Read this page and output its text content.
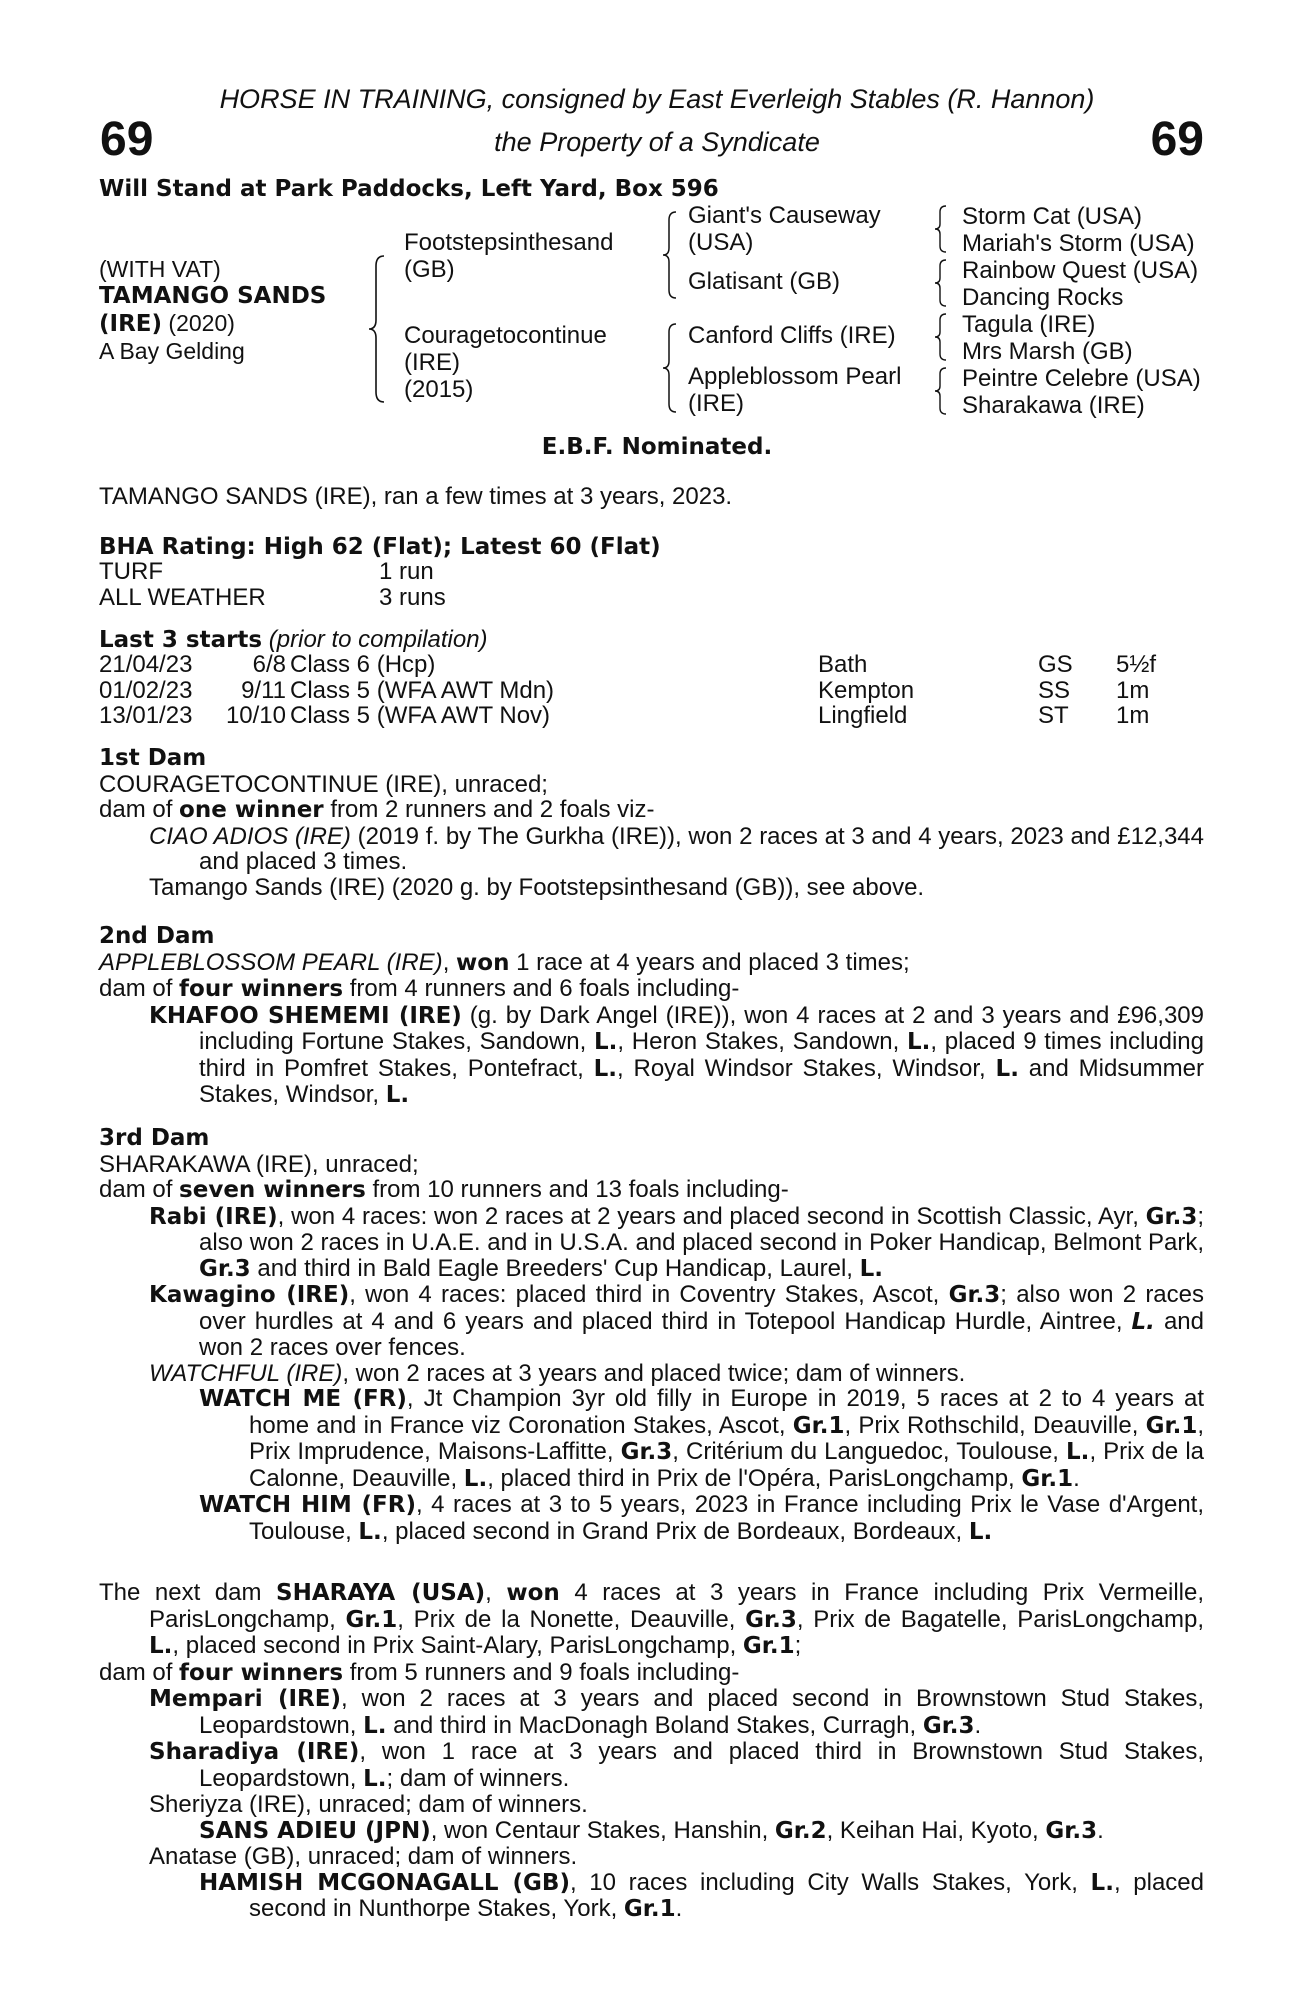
HORSE IN TRAINING, consigned by East Everleigh Stables (R. Hannon)
the Property of a Syndicate
69	69
Will Stand at Park Paddocks, Left Yard, Box 596
(WITH VAT)
TAMANGO SANDS
(IRE) (2020)
A Bay Gelding
Footstepsinthesand
(GB)
Couragetocontinue
(IRE)
(2015)
Giant's Causeway
(USA)
Glatisant (GB)
Canford Cliffs (IRE)
Appleblossom Pearl
(IRE)
Storm Cat (USA)
Mariah's Storm (USA)
Rainbow Quest (USA)
Dancing Rocks
Tagula (IRE)
Mrs Marsh (GB)
Peintre Celebre (USA)
Sharakawa (IRE)
E.B.F. Nominated.
TAMANGO SANDS (IRE), ran a few times at 3 years, 2023.
BHA Rating: High 62 (Flat); Latest 60 (Flat)
TURF
ALL WEATHER
1 run
3 runs
Last 3 starts (prior to compilation)
21/04/23
01/02/23
13/01/23
6/8
9/11
10/10
Class 6 (Hcp)
Class 5 (WFA AWT Mdn)
Class 5 (WFA AWT Nov)
Bath
Kempton
Lingfield
GS
SS
ST
5½f
1m
1m

1st Dam

COURAGETOCONTINUE (IRE), unraced;

dam of one winner from 2 runners and 2 foals viz-

CIAO ADIOS (IRE) (2019 f. by The Gurkha (IRE)), won 2 races at 3 and 4 years, 2023 and £12,344 and placed 3 times.

Tamango Sands (IRE) (2020 g. by Footstepsinthesand (GB)), see above.

2nd Dam

APPLEBLOSSOM PEARL (IRE), won 1 race at 4 years and placed 3 times;

dam of four winners from 4 runners and 6 foals including-

KHAFOO SHEMEMI (IRE) (g. by Dark Angel (IRE)), won 4 races at 2 and 3 years and £96,309 including Fortune Stakes, Sandown, L., Heron Stakes, Sandown, L., placed 9 times including third in Pomfret Stakes, Pontefract, L., Royal Windsor Stakes, Windsor, L. and Midsummer Stakes, Windsor, L.

3rd Dam

SHARAKAWA (IRE), unraced;

dam of seven winners from 10 runners and 13 foals including-

Rabi (IRE), won 4 races: won 2 races at 2 years and placed second in Scottish Classic, Ayr, Gr.3; also won 2 races in U.A.E. and in U.S.A. and placed second in Poker Handicap, Belmont Park, Gr.3 and third in Bald Eagle Breeders' Cup Handicap, Laurel, L.

Kawagino (IRE), won 4 races: placed third in Coventry Stakes, Ascot, Gr.3; also won 2 races over hurdles at 4 and 6 years and placed third in Totepool Handicap Hurdle, Aintree, L. and won 2 races over fences.

WATCHFUL (IRE), won 2 races at 3 years and placed twice; dam of winners.

WATCH ME (FR), Jt Champion 3yr old filly in Europe in 2019, 5 races at 2 to 4 years at home and in France viz Coronation Stakes, Ascot, Gr.1, Prix Rothschild, Deauville, Gr.1, Prix Imprudence, Maisons-Laffitte, Gr.3, Critérium du Languedoc, Toulouse, L., Prix de la Calonne, Deauville, L., placed third in Prix de l'Opéra, ParisLongchamp, Gr.1.

WATCH HIM (FR), 4 races at 3 to 5 years, 2023 in France including Prix le Vase d'Argent, Toulouse, L., placed second in Grand Prix de Bordeaux, Bordeaux, L.

The next dam SHARAYA (USA), won 4 races at 3 years in France including Prix Vermeille, ParisLongchamp, Gr.1, Prix de la Nonette, Deauville, Gr.3, Prix de Bagatelle, ParisLongchamp, L., placed second in Prix Saint-Alary, ParisLongchamp, Gr.1;

dam of four winners from 5 runners and 9 foals including-

Mempari (IRE), won 2 races at 3 years and placed second in Brownstown Stud Stakes, Leopardstown, L. and third in MacDonagh Boland Stakes, Curragh, Gr.3.

Sharadiya (IRE), won 1 race at 3 years and placed third in Brownstown Stud Stakes, Leopardstown, L.; dam of winners.

Sheriyza (IRE), unraced; dam of winners.

SANS ADIEU (JPN), won Centaur Stakes, Hanshin, Gr.2, Keihan Hai, Kyoto, Gr.3.

Anatase (GB), unraced; dam of winners.

HAMISH MCGONAGALL (GB), 10 races including City Walls Stakes, York, L., placed second in Nunthorpe Stakes, York, Gr.1.
